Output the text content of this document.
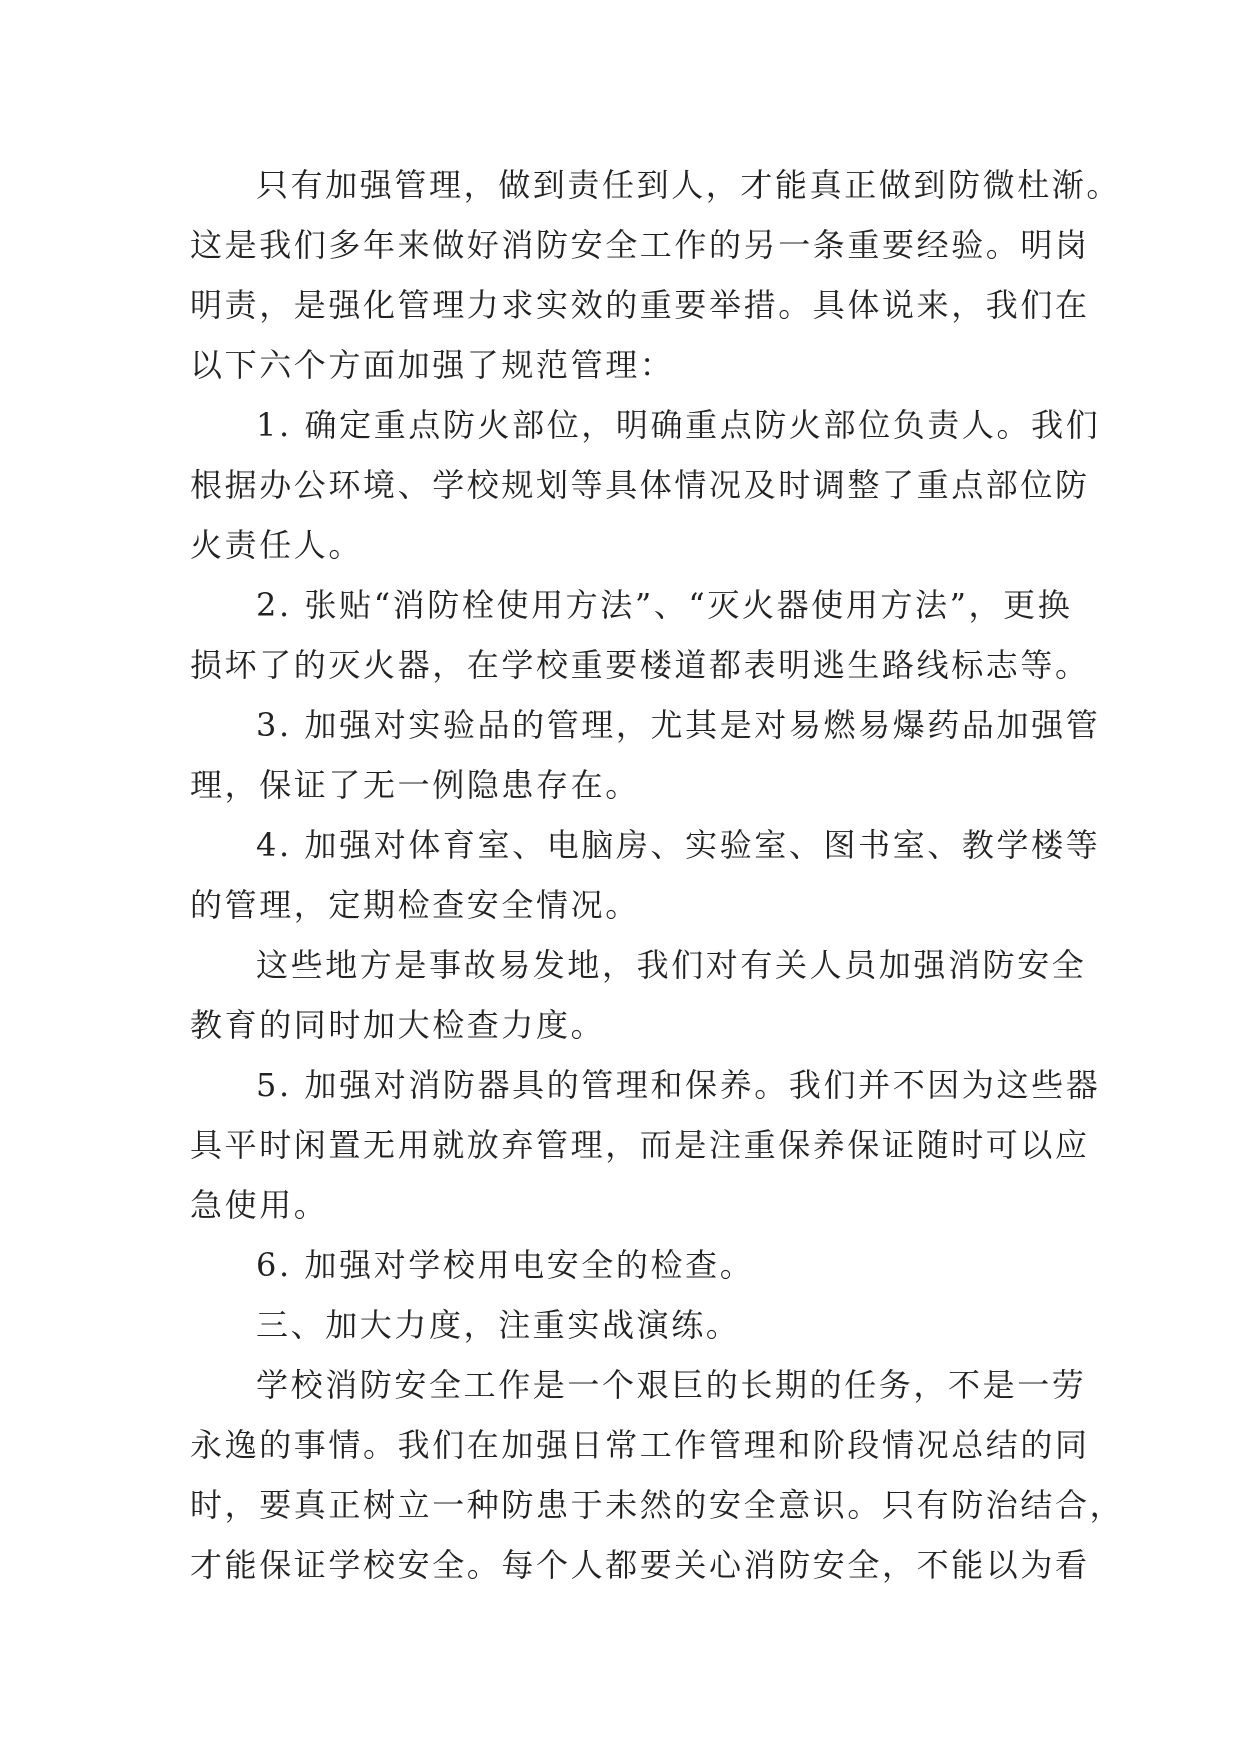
只有加强管理，做到责任到人，才能真正做到防微杜渐。
这是我们多年来做好消防安全工作的另一条重要经验。明岗
明责，是强化管理力求实效的重要举措。具体说来，我们在
以下六个方面加强了规范管理：
1. 确定重点防火部位，明确重点防火部位负责人。我们
根据办公环境、学校规划等具体情况及时调整了重点部位防
火责任人。
2. 张贴“消防栓使用方法”、“灭火器使用方法”，更换
损坏了的灭火器，在学校重要楼道都表明逃生路线标志等。
3. 加强对实验品的管理，尤其是对易燃易爆药品加强管
理，保证了无一例隐患存在。
4. 加强对体育室、电脑房、实验室、图书室、教学楼等
的管理，定期检查安全情况。
这些地方是事故易发地，我们对有关人员加强消防安全
教育的同时加大检查力度。
5. 加强对消防器具的管理和保养。我们并不因为这些器
具平时闲置无用就放弃管理，而是注重保养保证随时可以应
急使用。
6. 加强对学校用电安全的检查。
三、加大力度，注重实战演练。
学校消防安全工作是一个艰巨的长期的任务，不是一劳
永逸的事情。我们在加强日常工作管理和阶段情况总结的同
时，要真正树立一种防患于未然的安全意识。只有防治结合，
才能保证学校安全。每个人都要关心消防安全，不能以为看
